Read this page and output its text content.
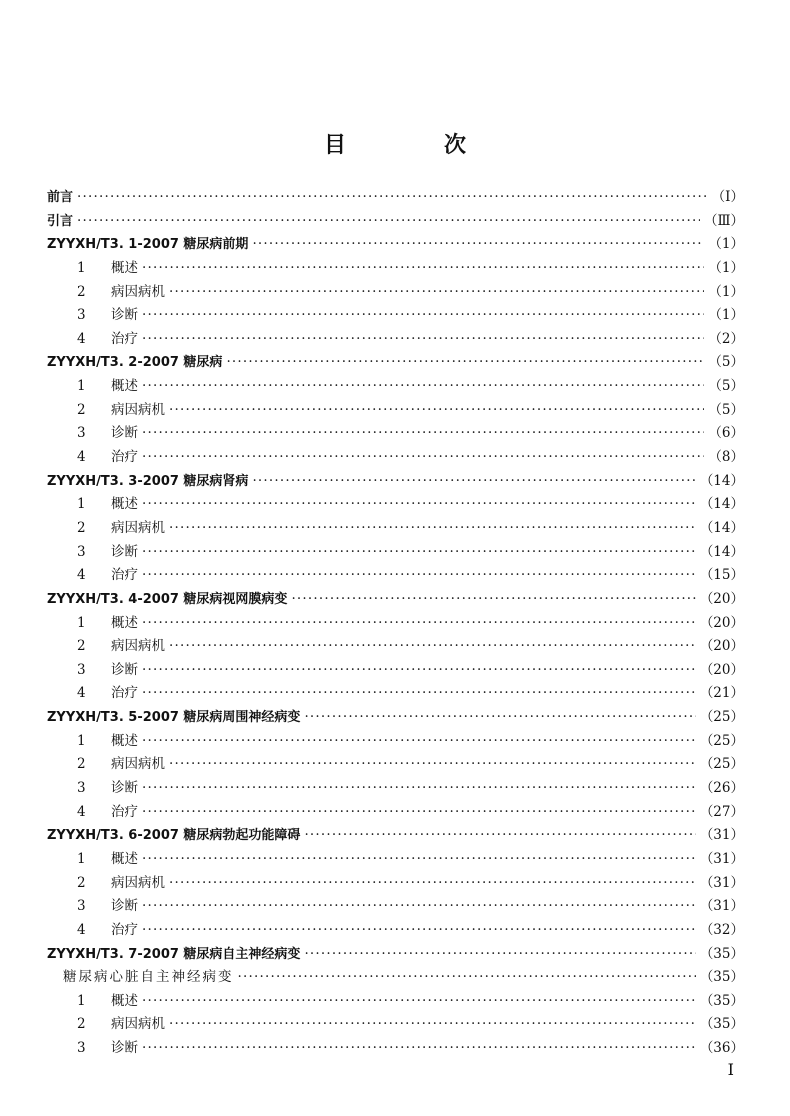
目　次
前言 ·····	（Ⅰ）
引言 ·····	（Ⅲ）
ZYYXH/T3. 1-2007 糖尿病前期 ·····	（1）
1	概述 ·····	（1）
2	病因病机 ·····	（1）
3	诊断 ·····	（1）
4	治疗 ·····	（2）
ZYYXH/T3. 2-2007 糖尿病 ·····	（5）
1	概述 ·····	（5）
2	病因病机 ·····	（5）
3	诊断 ·····	（6）
4	治疗 ·····	（8）
ZYYXH/T3. 3-2007 糖尿病肾病 ·····	（14）
1	概述 ·····	（14）
2	病因病机 ·····	（14）
3	诊断 ·····	（14）
4	治疗 ·····	（15）
ZYYXH/T3. 4-2007 糖尿病视网膜病变 ·····	（20）
1	概述 ·····	（20）
2	病因病机 ·····	（20）
3	诊断 ·····	（20）
4	治疗 ·····	（21）
ZYYXH/T3. 5-2007 糖尿病周围神经病变 ·····	（25）
1	概述 ·····	（25）
2	病因病机 ·····	（25）
3	诊断 ·····	（26）
4	治疗 ·····	（27）
ZYYXH/T3. 6-2007 糖尿病勃起功能障碍 ·····	（31）
1	概述 ·····	（31）
2	病因病机 ·····	（31）
3	诊断 ·····	（31）
4	治疗 ·····	（32）
ZYYXH/T3. 7-2007 糖尿病自主神经病变 ·····	（35）
糖尿病心脏自主神经病变 ·····	（35）
1	概述 ·····	（35）
2	病因病机 ·····	（35）
3	诊断 ·····	（36）
Ⅰ
